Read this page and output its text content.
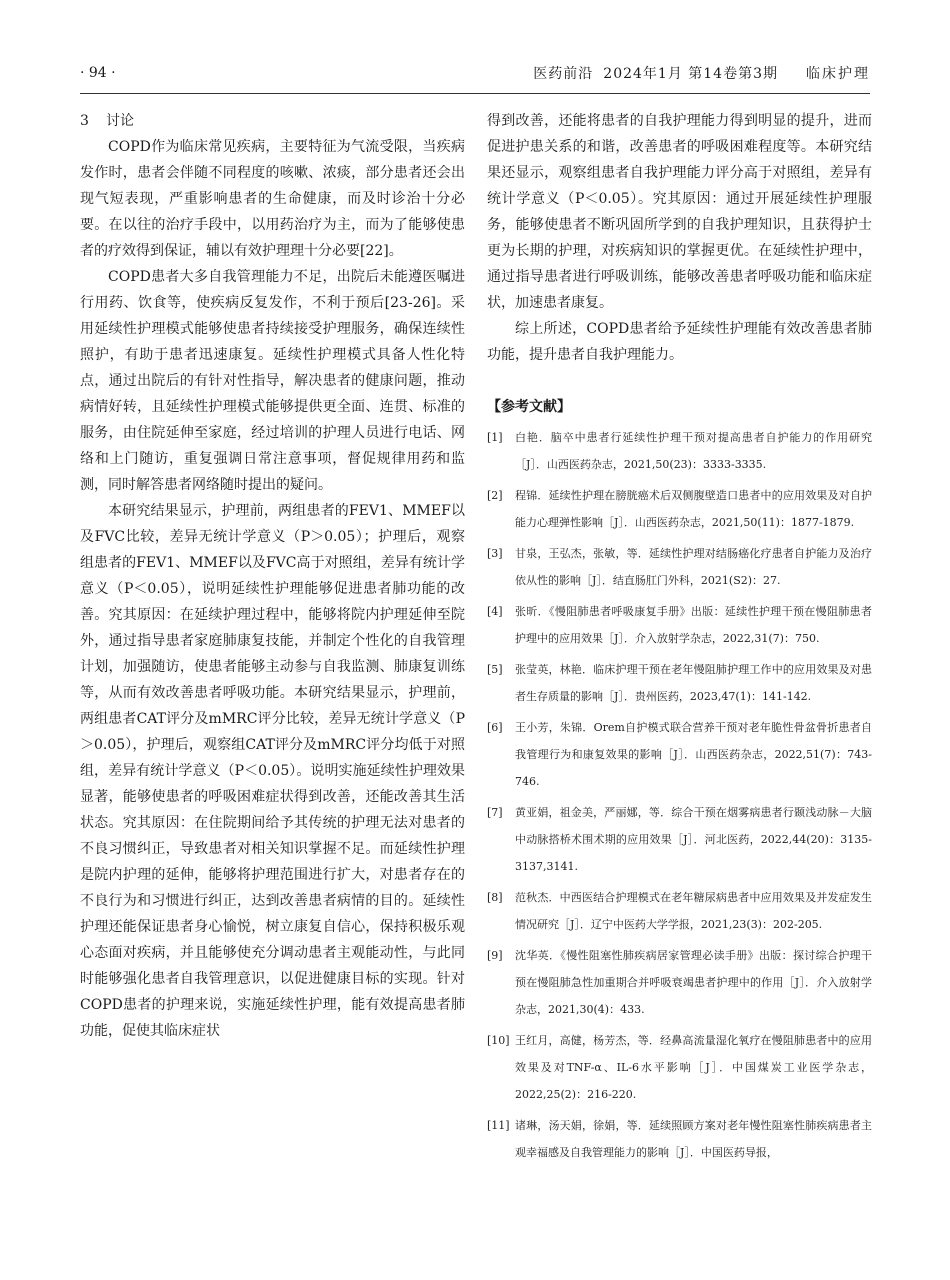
· 94 ·	医药前沿 2024年1月 第14卷第3期 临床护理
3 讨论

COPD作为临床常见疾病，主要特征为气流受限，当疾病发作时，患者会伴随不同程度的咳嗽、浓痰，部分患者还会出现气短表现，严重影响患者的生命健康，而及时诊治十分必要。在以往的治疗手段中，以用药治疗为主，而为了能够使患者的疗效得到保证，辅以有效护理理十分必要[22]。

COPD患者大多自我管理能力不足，出院后未能遵医嘱进行用药、饮食等，使疾病反复发作，不利于预后[23-26]。采用延续性护理模式能够使患者持续接受护理服务，确保连续性照护，有助于患者迅速康复。延续性护理模式具备人性化特点，通过出院后的有针对性指导，解决患者的健康问题，推动病情好转，且延续性护理模式能够提供更全面、连贯、标准的服务，由住院延伸至家庭，经过培训的护理人员进行电话、网络和上门随访，重复强调日常注意事项，督促规律用药和监测，同时解答患者网络随时提出的疑问。

本研究结果显示，护理前，两组患者的FEV1、MMEF以及FVC比较，差异无统计学意义（P＞0.05）；护理后，观察组患者的FEV1、MMEF以及FVC高于对照组，差异有统计学意义（P＜0.05），说明延续性护理能够促进患者肺功能的改善。究其原因：在延续护理过程中，能够将院内护理延伸至院外，通过指导患者家庭肺康复技能，并制定个性化的自我管理计划，加强随访，使患者能够主动参与自我监测、肺康复训练等，从而有效改善患者呼吸功能。本研究结果显示，护理前，两组患者CAT评分及mMRC评分比较，差异无统计学意义（P＞0.05），护理后，观察组CAT评分及mMRC评分均低于对照组，差异有统计学意义（P＜0.05）。说明实施延续性护理效果显著，能够使患者的呼吸困难症状得到改善，还能改善其生活状态。究其原因：在住院期间给予其传统的护理无法对患者的不良习惯纠正，导致患者对相关知识掌握不足。而延续性护理是院内护理的延伸，能够将护理范围进行扩大，对患者存在的不良行为和习惯进行纠正，达到改善患者病情的目的。延续性护理还能保证患者身心愉悦，树立康复自信心，保持积极乐观心态面对疾病，并且能够使充分调动患者主观能动性，与此同时能够强化患者自我管理意识，以促进健康目标的实现。针对COPD患者的护理来说，实施延续性护理，能有效提高患者肺功能，促使其临床症状

得到改善，还能将患者的自我护理能力得到明显的提升，进而促进护患关系的和谐，改善患者的呼吸困难程度等。本研究结果还显示，观察组患者自我护理能力评分高于对照组，差异有统计学意义（P＜0.05）。究其原因：通过开展延续性护理服务，能够使患者不断巩固所学到的自我护理知识，且获得护士更为长期的护理，对疾病知识的掌握更优。在延续性护理中，通过指导患者进行呼吸训练，能够改善患者呼吸功能和临床症状，加速患者康复。

综上所述，COPD患者给予延续性护理能有效改善患者肺功能，提升患者自我护理能力。

【参考文献】
[1]	白艳．脑卒中患者行延续性护理干预对提高患者自护能力的作用研究［J］．山西医药杂志，2021,50(23)：3333-3335.
[2]	程锦．延续性护理在膀胱癌术后双侧腹壁造口患者中的应用效果及对自护能力心理弹性影响［J］．山西医药杂志，2021,50(11)：1877-1879.
[3]	甘泉，王弘杰，张敏，等．延续性护理对结肠癌化疗患者自护能力及治疗依从性的影响［J］．结直肠肛门外科，2021(S2)：27.
[4]	张昕．《慢阻肺患者呼吸康复手册》出版：延续性护理干预在慢阻肺患者护理中的应用效果［J］．介入放射学杂志，2022,31(7)：750.
[5]	张莹英，林艳．临床护理干预在老年慢阻肺护理工作中的应用效果及对患者生存质量的影响［J］．贵州医药，2023,47(1)：141-142.
[6]	王小芳，朱锦．Orem自护模式联合营养干预对老年脆性骨盆骨折患者自我管理行为和康复效果的影响［J］．山西医药杂志，2022,51(7)：743-746.
[7]	黄亚娟，祖金美，严丽娜，等．综合干预在烟雾病患者行颞浅动脉－大脑中动脉搭桥术围术期的应用效果［J］．河北医药，2022,44(20)：3135-3137,3141.
[8]	范秋杰．中西医结合护理模式在老年糖尿病患者中应用效果及并发症发生情况研究［J］．辽宁中医药大学学报，2021,23(3)：202-205.
[9]	沈华英．《慢性阻塞性肺疾病居家管理必读手册》出版：探讨综合护理干预在慢阻肺急性加重期合并呼吸衰竭患者护理中的作用［J］．介入放射学杂志，2021,30(4)：433.
[10] 王红月，高健，杨芳杰，等．经鼻高流量湿化氧疗在慢阻肺患者中的应用效果及对TNF-α、IL-6水平影响［J］．中国煤炭工业医学杂志，2022,25(2)：216-220.
[11] 诸琳，汤天娟，徐娟，等．延续照顾方案对老年慢性阻塞性肺疾病患者主观幸福感及自我管理能力的影响［J］．中国医药导报，
